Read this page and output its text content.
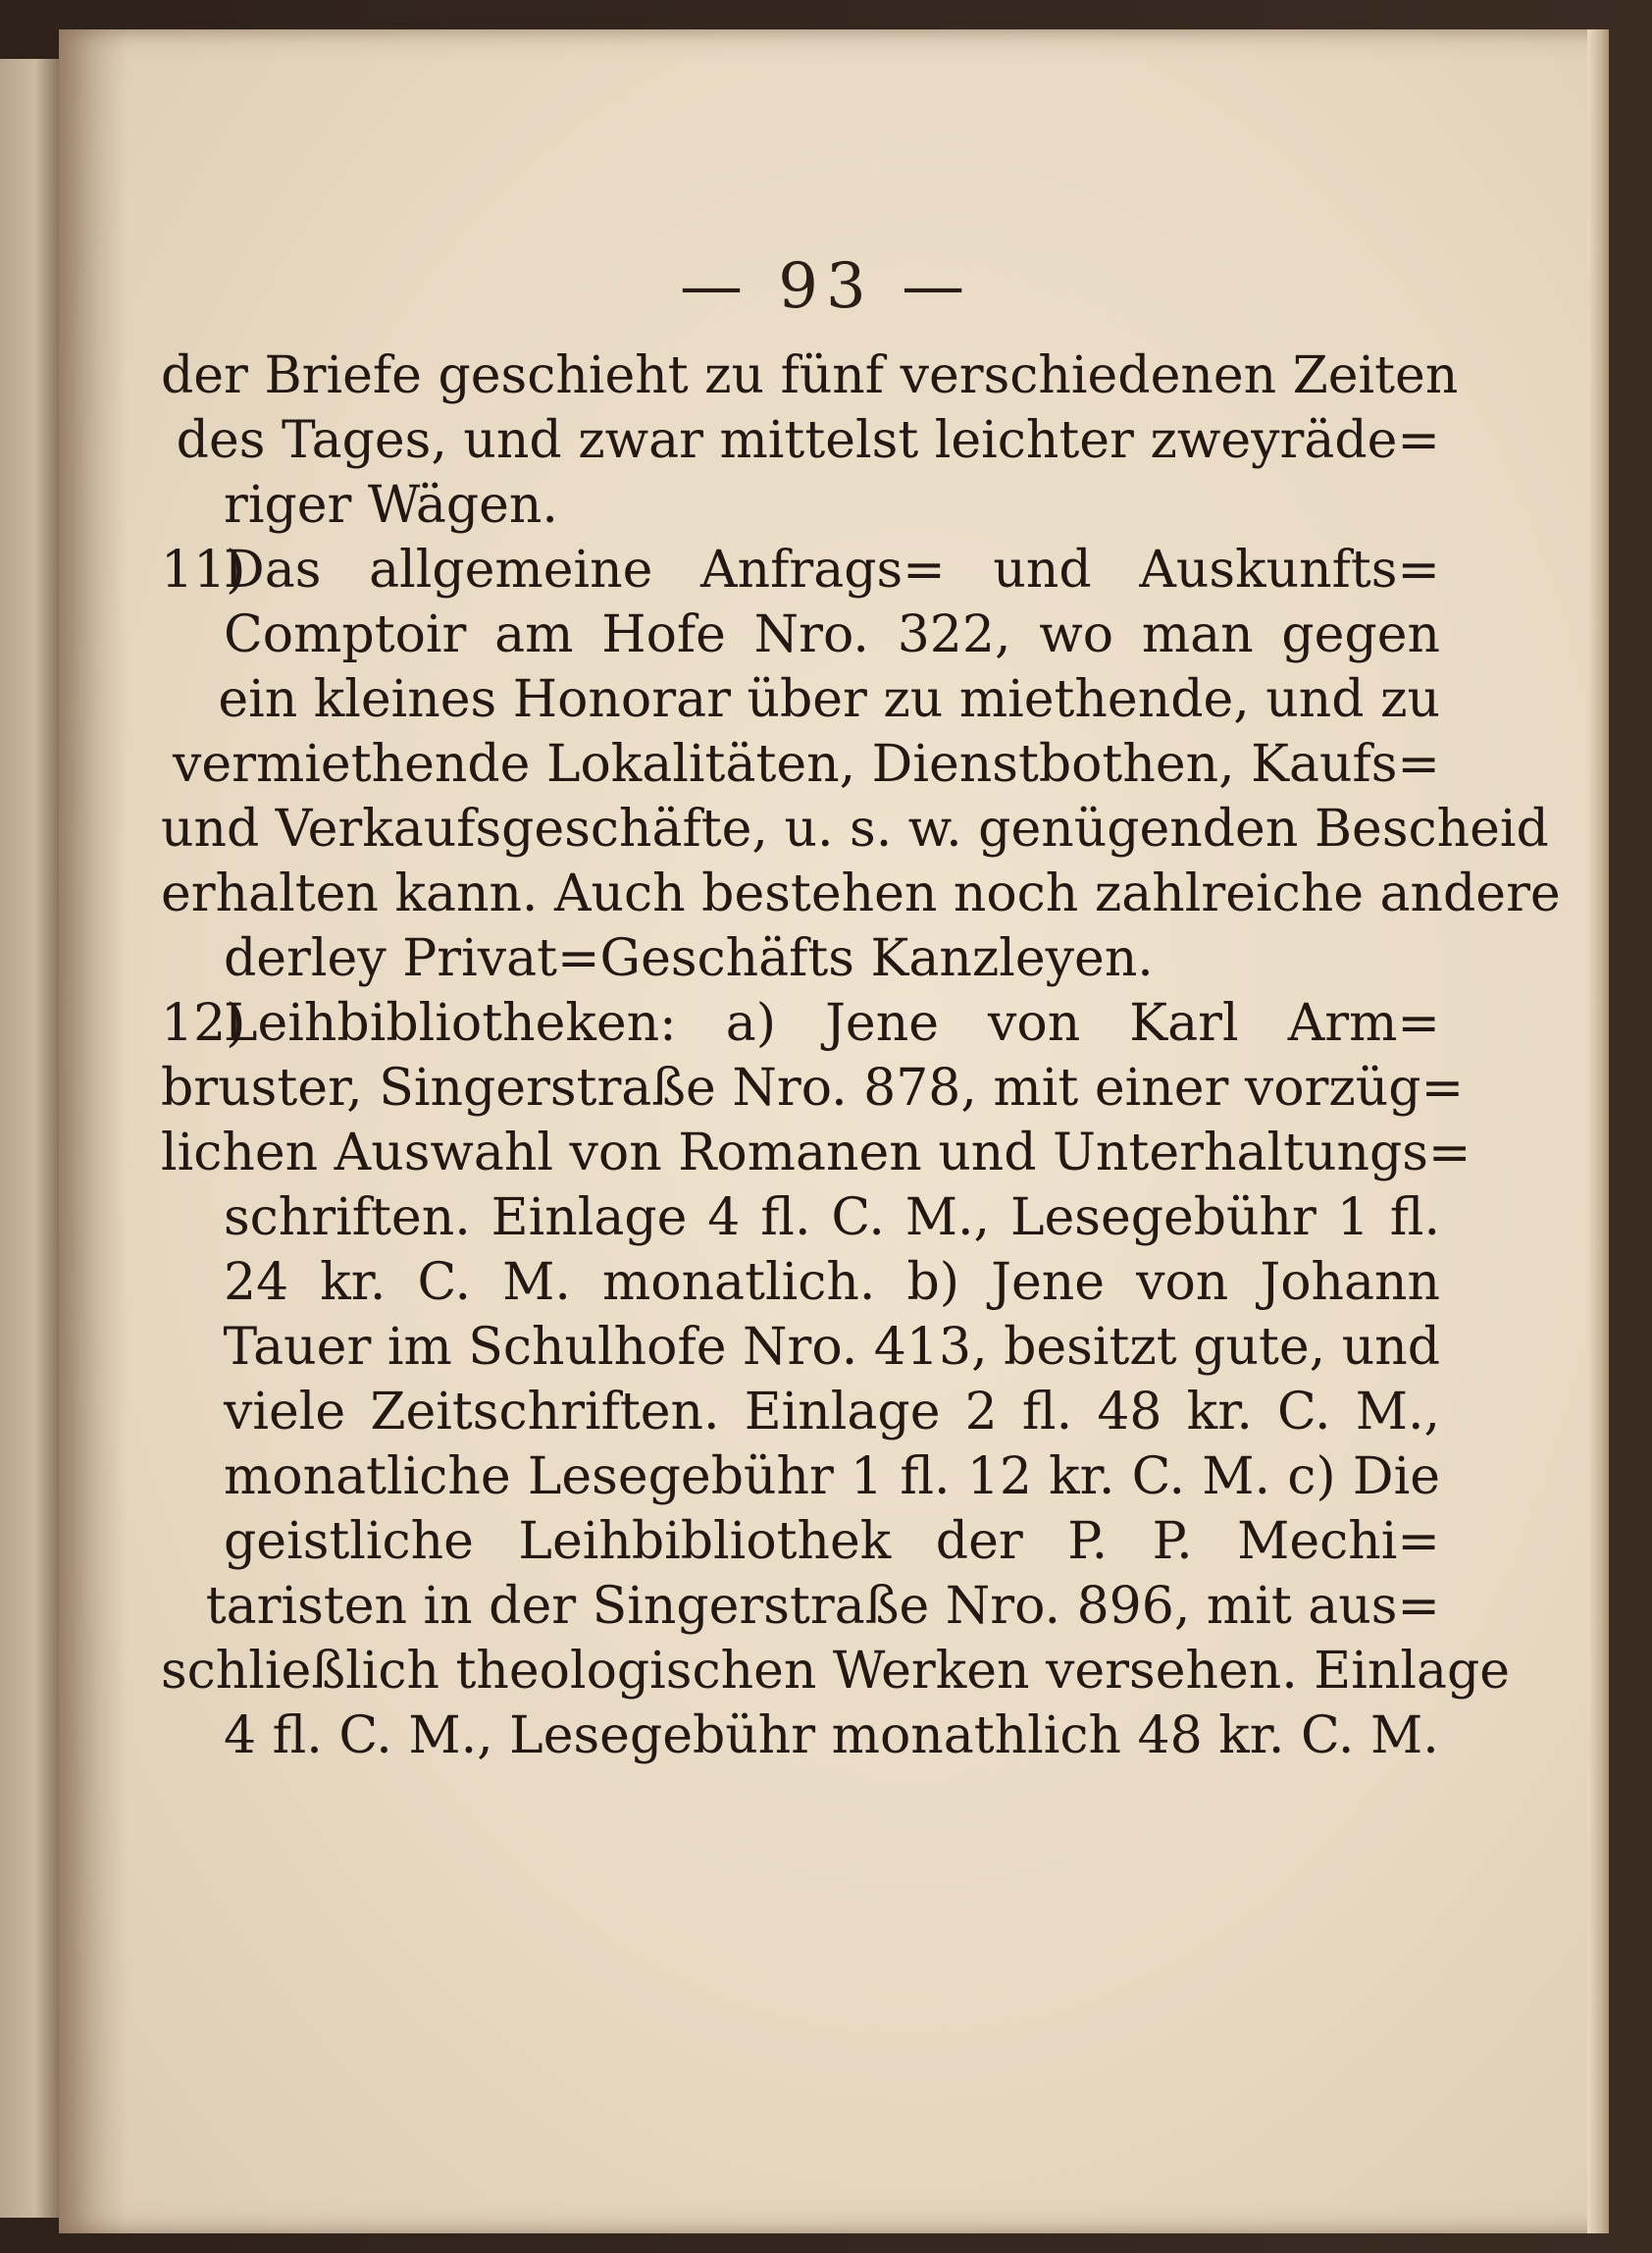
— 93 —
der Briefe geschieht zu fünf verschiedenen Zeiten
des Tages, und zwar mittelst leichter zweyräde=
riger Wägen.
11)
Das allgemeine Anfrags= und Auskunfts=
Comptoir am Hofe Nro. 322, wo man gegen
ein kleines Honorar über zu miethende, und zu
vermiethende Lokalitäten, Dienstbothen, Kaufs=
und Verkaufsgeschäfte, u. s. w. genügenden Bescheid
erhalten kann. Auch bestehen noch zahlreiche andere
derley Privat=Geschäfts Kanzleyen.
12)
Leihbibliotheken: a) Jene von Karl Arm=
bruster, Singerstraße Nro. 878, mit einer vorzüg=
lichen Auswahl von Romanen und Unterhaltungs=
schriften. Einlage 4 fl. C. M., Lesegebühr 1 fl.
24 kr. C. M. monatlich. b) Jene von Johann
Tauer im Schulhofe Nro. 413, besitzt gute, und
viele Zeitschriften. Einlage 2 fl. 48 kr. C. M.,
monatliche Lesegebühr 1 fl. 12 kr. C. M. c) Die
geistliche Leihbibliothek der P. P. Mechi=
taristen in der Singerstraße Nro. 896, mit aus=
schließlich theologischen Werken versehen. Einlage
4 fl. C. M., Lesegebühr monathlich 48 kr. C. M.
